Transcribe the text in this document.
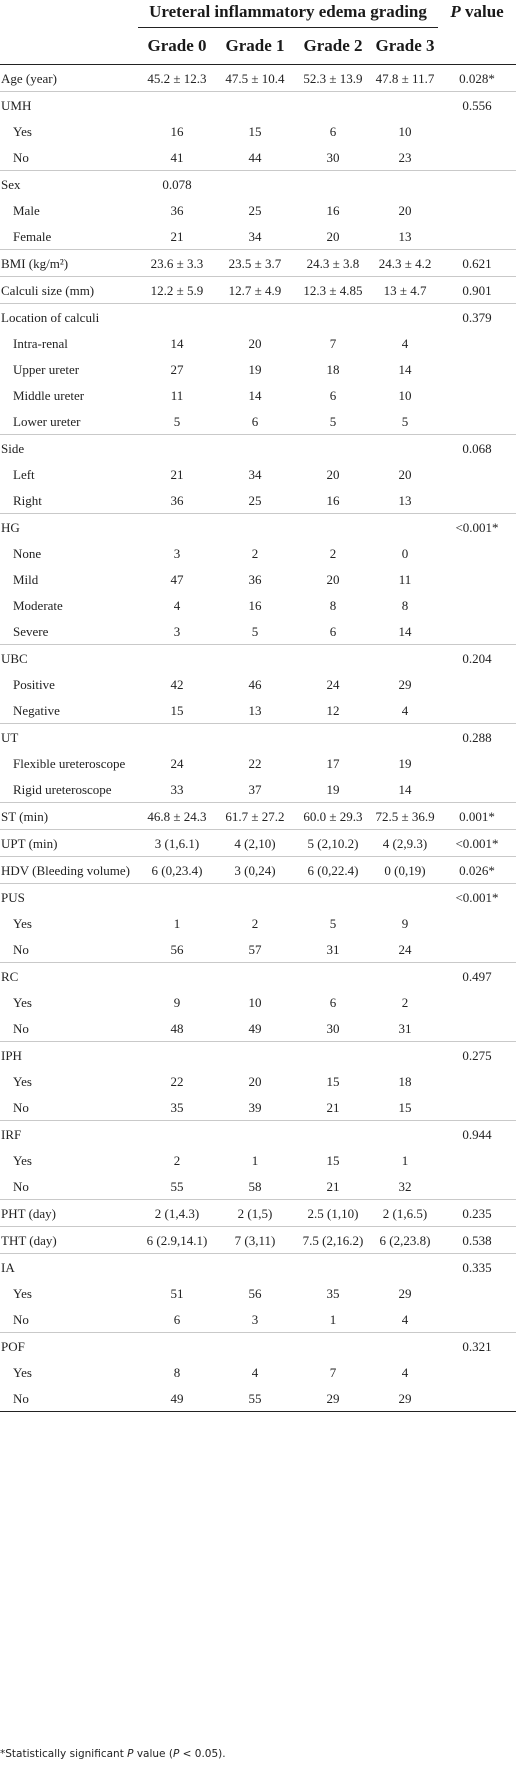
	Ureteral inflammatory edema grading				P value
	Grade 0	Grade 1	Grade 2	Grade 3	
Age (year)	45.2 ± 12.3	47.5 ± 10.4	52.3 ± 13.9	47.8 ± 11.7	0.028*
UMH					0.556
Yes	16	15	6	10	
No	41	44	30	23	
Sex	0.078				
Male	36	25	16	20	
Female	21	34	20	13	
BMI (kg/m²)	23.6 ± 3.3	23.5 ± 3.7	24.3 ± 3.8	24.3 ± 4.2	0.621
Calculi size (mm)	12.2 ± 5.9	12.7 ± 4.9	12.3 ± 4.85	13 ± 4.7	0.901
Location of calculi					0.379
Intra-renal	14	20	7	4	
Upper ureter	27	19	18	14	
Middle ureter	11	14	6	10	
Lower ureter	5	6	5	5	
Side					0.068
Left	21	34	20	20	
Right	36	25	16	13	
HG					<0.001*
None	3	2	2	0	
Mild	47	36	20	11	
Moderate	4	16	8	8	
Severe	3	5	6	14	
UBC					0.204
Positive	42	46	24	29	
Negative	15	13	12	4	
UT					0.288
Flexible ureteroscope	24	22	17	19	
Rigid ureteroscope	33	37	19	14	
ST (min)	46.8 ± 24.3	61.7 ± 27.2	60.0 ± 29.3	72.5 ± 36.9	0.001*
UPT (min)	3 (1,6.1)	4 (2,10)	5 (2,10.2)	4 (2,9.3)	<0.001*
HDV (Bleeding volume)	6 (0,23.4)	3 (0,24)	6 (0,22.4)	0 (0,19)	0.026*
PUS					<0.001*
Yes	1	2	5	9	
No	56	57	31	24	
RC					0.497
Yes	9	10	6	2	
No	48	49	30	31	
IPH					0.275
Yes	22	20	15	18	
No	35	39	21	15	
IRF					0.944
Yes	2	1	15	1	
No	55	58	21	32	
PHT (day)	2 (1,4.3)	2 (1,5)	2.5 (1,10)	2 (1,6.5)	0.235
THT (day)	6 (2.9,14.1)	7 (3,11)	7.5 (2,16.2)	6 (2,23.8)	0.538
IA					0.335
Yes	51	56	35	29	
No	6	3	1	4	
POF					0.321
Yes	8	4	7	4	
No	49	55	29	29	
*Statistically significant P value (P < 0.05).
